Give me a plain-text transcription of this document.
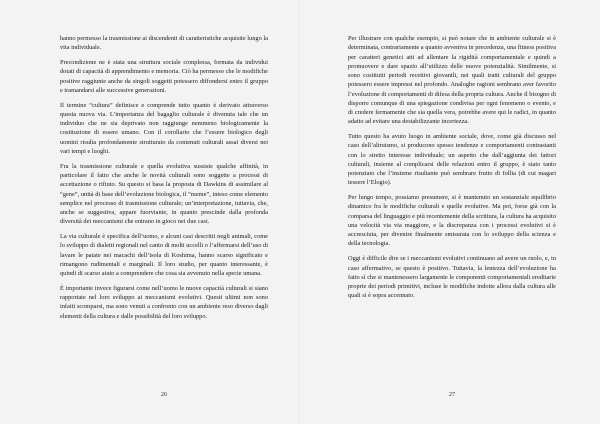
hanno permesso la trasmissione ai discendenti di caratteristiche acquisite lungo la vita individuale.

Precondizione ne è stata una struttura sociale complessa, formata da individui dotati di capacità di apprendimento e memoria. Ciò ha permesso che le modifiche positive raggiunte anche da singoli soggetti potessero diffondersi entro il gruppo e tramandarsi alle successive generazioni.

Il termine “cultura” definisce e comprende tutto quanto è derivato attraverso questa nuova via. L’importanza del bagaglio culturale è divenuta tale che un individuo che ne sia deprivato non raggiunge nemmeno biologicamente la costituzione di essere umano. Con il corollario che l’essere biologico degli uomini risulta profondamente strutturato da contenuti culturali assai diversi nei vari tempi e luoghi.

Fra la trasmissione culturale e quella evolutiva sussiste qualche affinità, in particolare il fatto che anche le novità culturali sono soggette a processi di accettazione o rifiuto. Su questo si basa la proposta di Dawkins di assimilare al “gene”, unità di base dell’evoluzione biologica, il “meme”, inteso come elemento semplice nel processo di trasmissione culturale; un’interpretazione, tuttavia, che, anche se suggestiva, appare fuorviante, in quanto prescinde dalla profonda diversità dei meccanismi che entrano in gioco nei due casi.

La via culturale è specifica dell’uomo, e alcuni casi descritti negli animali, come lo sviluppo di dialetti regionali nel canto di molti uccelli o l’affermarsi dell’uso di lavare le patate nei macachi dell’isola di Koshima, hanno scarso significato e rimangono rudimentali e marginali. Il loro studio, per quanto interessante, è quindi di scarso aiuto a comprendere che cosa sia avvenuto nella specie umana.

È importante invece figurarsi come nell’uomo le nuove capacità culturali si siano rapportate nel loro sviluppo ai meccanismi evolutivi. Questi ultimi non sono infatti scomparsi, ma sono venuti a confronto con un ambiente reso diverso dagli elementi della cultura e dalle possibilità del loro sviluppo.

26

Per illustrare con qualche esempio, si può notare che in ambiente culturale si è determinata, contrariamente a quanto avveniva in precedenza, una fitness positiva per caratteri genetici atti ad allentare la rigidità comportamentale e quindi a promuovere e dare spazio all’utilizzo delle nuove potenzialità. Similmente, si sono costituiti periodi recettivi giovanili, nei quali tratti culturali del gruppo potessero essere impressi nel profondo. Analoghe ragioni sembrano aver favorito l’evoluzione di comportamenti di difesa della propria cultura. Anche il bisogno di disporre comunque di una spiegazione condivisa per ogni fenomeno o evento, e di credere fermamente che sia quella vera, potrebbe avere qui le radici, in quanto adatto ad evitare una destabilizzante incertezza.

Tutto questo ha avuto luogo in ambiente sociale, dove, come già discusso nel caso dell’altruismo, si producono spesso tendenze e comportamenti contrastanti con lo stretto interesse individuale; un aspetto che dall’aggiunta dei fattori culturali, insieme al complicarsi delle relazioni entro il gruppo, è stato tanto potenziato che l’insieme risultante può sembrare frutto di follia (di cui magari tessere l’Elogio).

Per lungo tempo, possiamo presumere, si è mantenuto un sostanziale equilibrio dinamico fra le modifiche culturali e quelle evolutive. Ma poi, forse già con la comparsa del linguaggio e più recentemente della scrittura, la cultura ha acquisito una velocità via via maggiore, e la discrepanza con i processi evolutivi si è accresciuta, per divenire finalmente smisurata con lo sviluppo della scienza e della tecnologia.

Oggi è difficile dire se i meccanismi evolutivi continuano ad avere un ruolo, e, in caso affermativo, se questo è positivo. Tuttavia, la lentezza dell’evoluzione ha fatto sì che si mantenessero largamente le componenti comportamentali ereditarie proprie dei periodi primitivi, incluse le modifiche indotte allora dalla cultura alle quali si è sopra accennato.

27
